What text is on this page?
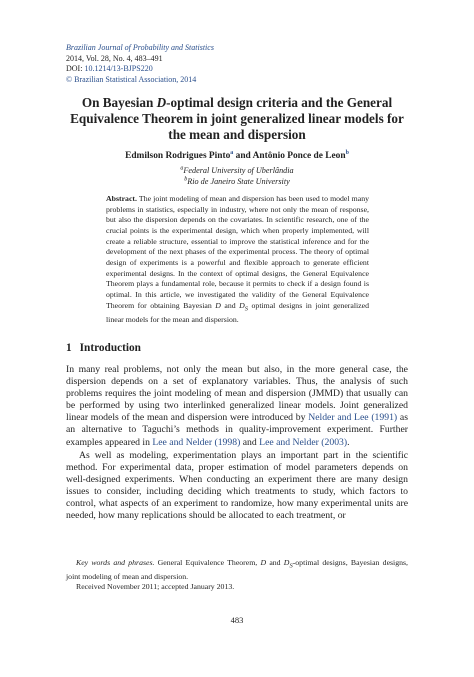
Brazilian Journal of Probability and Statistics
2014, Vol. 28, No. 4, 483–491
DOI: 10.1214/13-BJPS220
© Brazilian Statistical Association, 2014
On Bayesian D-optimal design criteria and the General Equivalence Theorem in joint generalized linear models for the mean and dispersion
Edmilson Rodrigues Pinto$^a$ and Antônio Ponce de Leon$^b$
$^a$Federal University of Uberlândia
$^b$Rio de Janeiro State University
Abstract. The joint modeling of mean and dispersion has been used to model many problems in statistics, especially in industry, where not only the mean of response, but also the dispersion depends on the covariates. In scientific research, one of the crucial points is the experimental design, which when properly implemented, will create a reliable structure, essential to improve the statistical inference and for the development of the next phases of the experimental process. The theory of optimal design of experiments is a powerful and flexible approach to generate efficient experimental designs. In the context of optimal designs, the General Equivalence Theorem plays a fundamental role, because it permits to check if a design found is optimal. In this article, we investigated the validity of the General Equivalence Theorem for obtaining Bayesian D and $D_S$ optimal designs in joint generalized linear models for the mean and dispersion.
1 Introduction

In many real problems, not only the mean but also, in the more general case, the dispersion depends on a set of explanatory variables. Thus, the analysis of such problems requires the joint modeling of mean and dispersion (JMMD) that usually can be performed by using two interlinked generalized linear models. Joint generalized linear models of the mean and dispersion were introduced by Nelder and Lee (1991) as an alternative to Taguchi’s methods in quality-improvement experiment. Further examples appeared in Lee and Nelder (1998) and Lee and Nelder (2003).

As well as modeling, experimentation plays an important part in the scientific method. For experimental data, proper estimation of model parameters depends on well-designed experiments. When conducting an experiment there are many design issues to consider, including deciding which treatments to study, which factors to control, what aspects of an experiment to randomize, how many experimental units are needed, how many replications should be allocated to each treatment, or

Key words and phrases. General Equivalence Theorem, D and $D_S$-optimal designs, Bayesian designs, joint modeling of mean and dispersion.

Received November 2011; accepted January 2013.

483
